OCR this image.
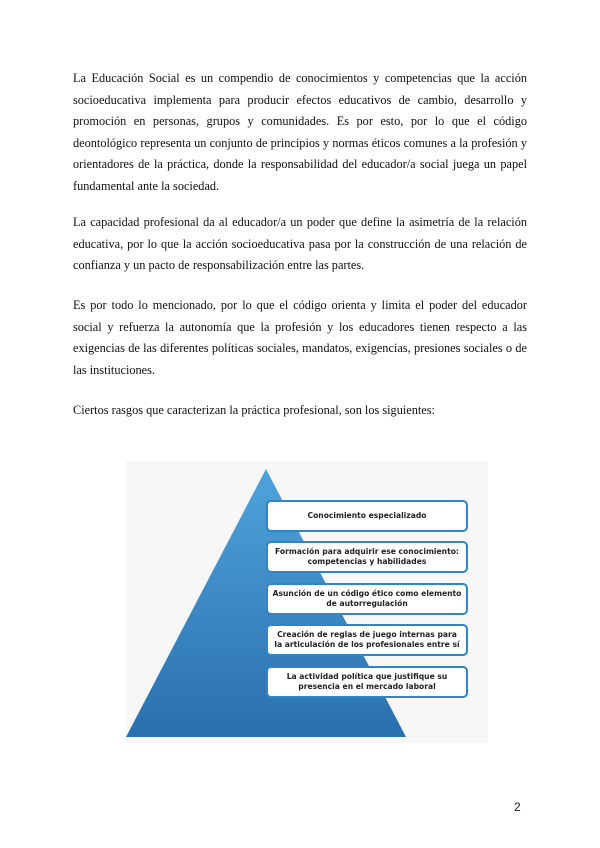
La Educación Social es un compendio de conocimientos y competencias que la acción socioeducativa implementa para producir efectos educativos de cambio, desarrollo y promoción en personas, grupos y comunidades. Es por esto, por lo que el código deontológico representa un conjunto de principios y normas éticos comunes a la profesión y orientadores de la práctica, donde la responsabilidad del educador/a social juega un papel fundamental ante la sociedad.

La capacidad profesional da al educador/a un poder que define la asimetría de la relación educativa, por lo que la acción socioeducativa pasa por la construcción de una relación de confianza y un pacto de responsabilización entre las partes.

Es por todo lo mencionado, por lo que el código orienta y limita el poder del educador social y refuerza la autonomía que la profesión y los educadores tienen respecto a las exigencias de las diferentes políticas sociales, mandatos, exigencias, presiones sociales o de las instituciones.

Ciertos rasgos que caracterizan la práctica profesional, son los siguientes:

Conocimiento especializado
Formación para adquirir ese conocimiento: competencias y habilidades
Asunción de un código ético como elemento de autorregulación
Creación de reglas de juego internas para la articulación de los profesionales entre sí
La actividad política que justifique su presencia en el mercado laboral
2
